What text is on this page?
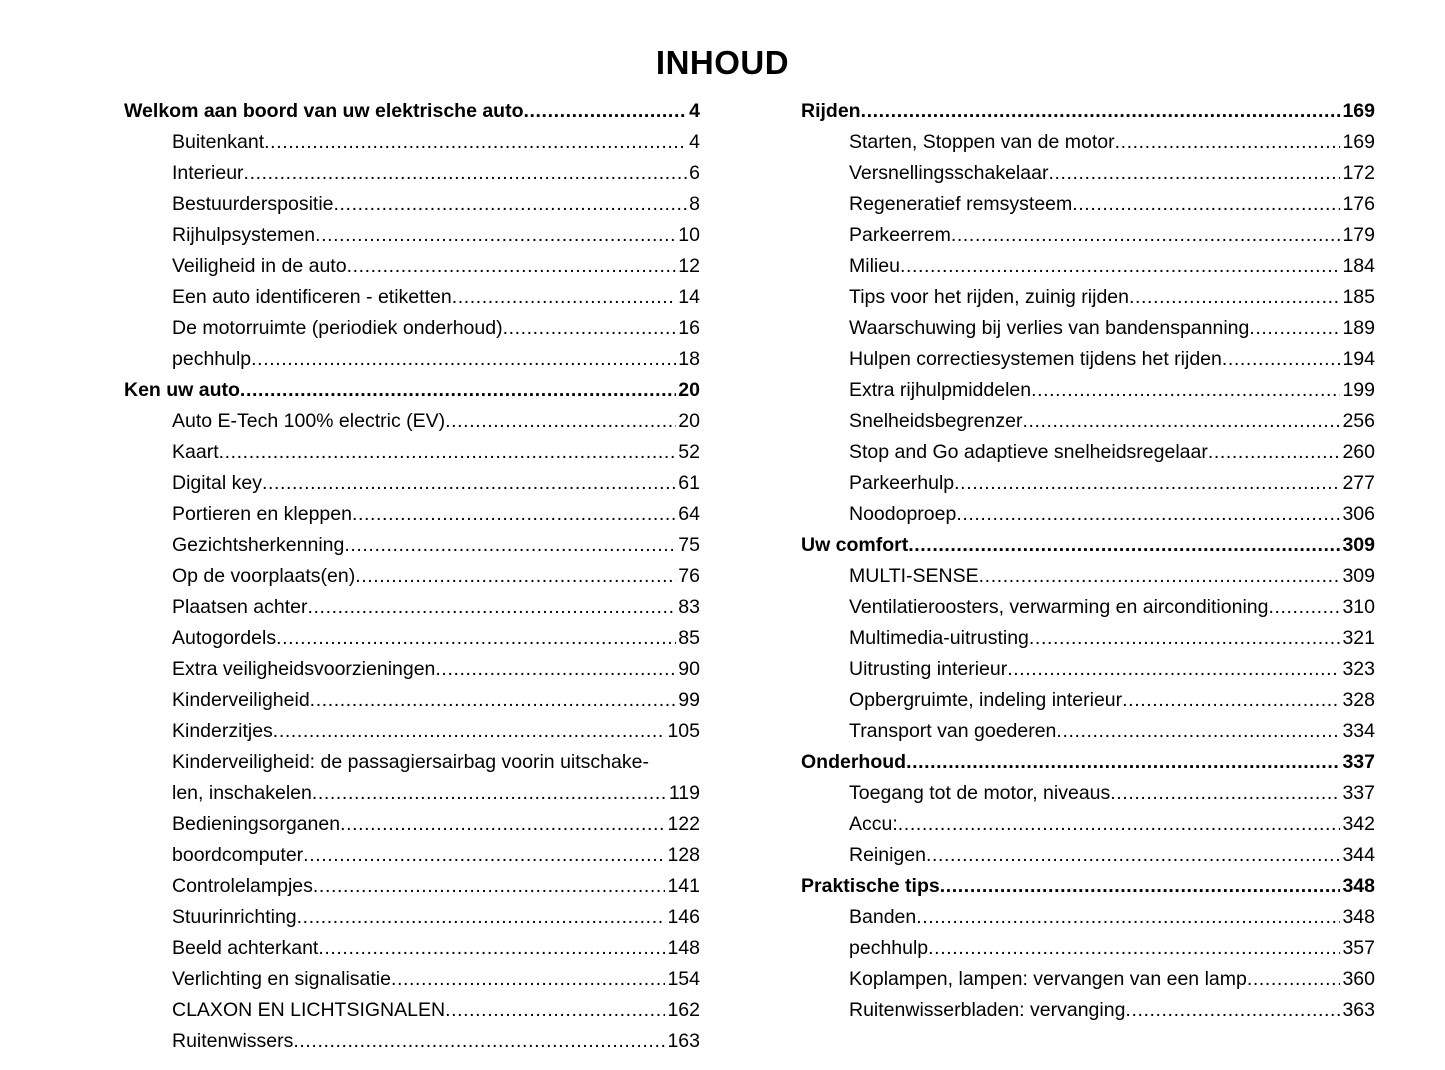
INHOUD
Welkom aan boord van uw elektrische auto .....	4
Buitenkant .....	4
Interieur .....	6
Bestuurderspositie .....	8
Rijhulpsystemen .....	10
Veiligheid in de auto .....	12
Een auto identificeren - etiketten .....	14
De motorruimte (periodiek onderhoud) .....	16
pechhulp .....	18
Ken uw auto .....	20
Auto E-Tech 100% electric (EV) .....	20
Kaart .....	52
Digital key .....	61
Portieren en kleppen .....	64
Gezichtsherkenning .....	75
Op de voorplaats(en) .....	76
Plaatsen achter .....	83
Autogordels .....	85
Extra veiligheidsvoorzieningen .....	90
Kinderveiligheid .....	99
Kinderzitjes .....	105
Kinderveiligheid: de passagiersairbag voorin uitschake-
len, inschakelen .....	119
Bedieningsorganen .....	122
boordcomputer .....	128
Controlelampjes .....	141
Stuurinrichting .....	146
Beeld achterkant .....	148
Verlichting en signalisatie .....	154
CLAXON EN LICHTSIGNALEN .....	162
Ruitenwissers .....	163
Rijden .....	169
Starten, Stoppen van de motor .....	169
Versnellingsschakelaar .....	172
Regeneratief remsysteem .....	176
Parkeerrem .....	179
Milieu .....	184
Tips voor het rijden, zuinig rijden .....	185
Waarschuwing bij verlies van bandenspanning .....	189
Hulpen correctiesystemen tijdens het rijden .....	194
Extra rijhulpmiddelen .....	199
Snelheidsbegrenzer .....	256
Stop and Go adaptieve snelheidsregelaar .....	260
Parkeerhulp .....	277
Noodoproep .....	306
Uw comfort .....	309
MULTI-SENSE .....	309
Ventilatieroosters, verwarming en airconditioning .....	310
Multimedia-uitrusting .....	321
Uitrusting interieur .....	323
Opbergruimte, indeling interieur .....	328
Transport van goederen .....	334
Onderhoud .....	337
Toegang tot de motor, niveaus .....	337
Accu: .....	342
Reinigen .....	344
Praktische tips .....	348
Banden .....	348
pechhulp .....	357
Koplampen, lampen: vervangen van een lamp .....	360
Ruitenwisserbladen: vervanging .....	363
